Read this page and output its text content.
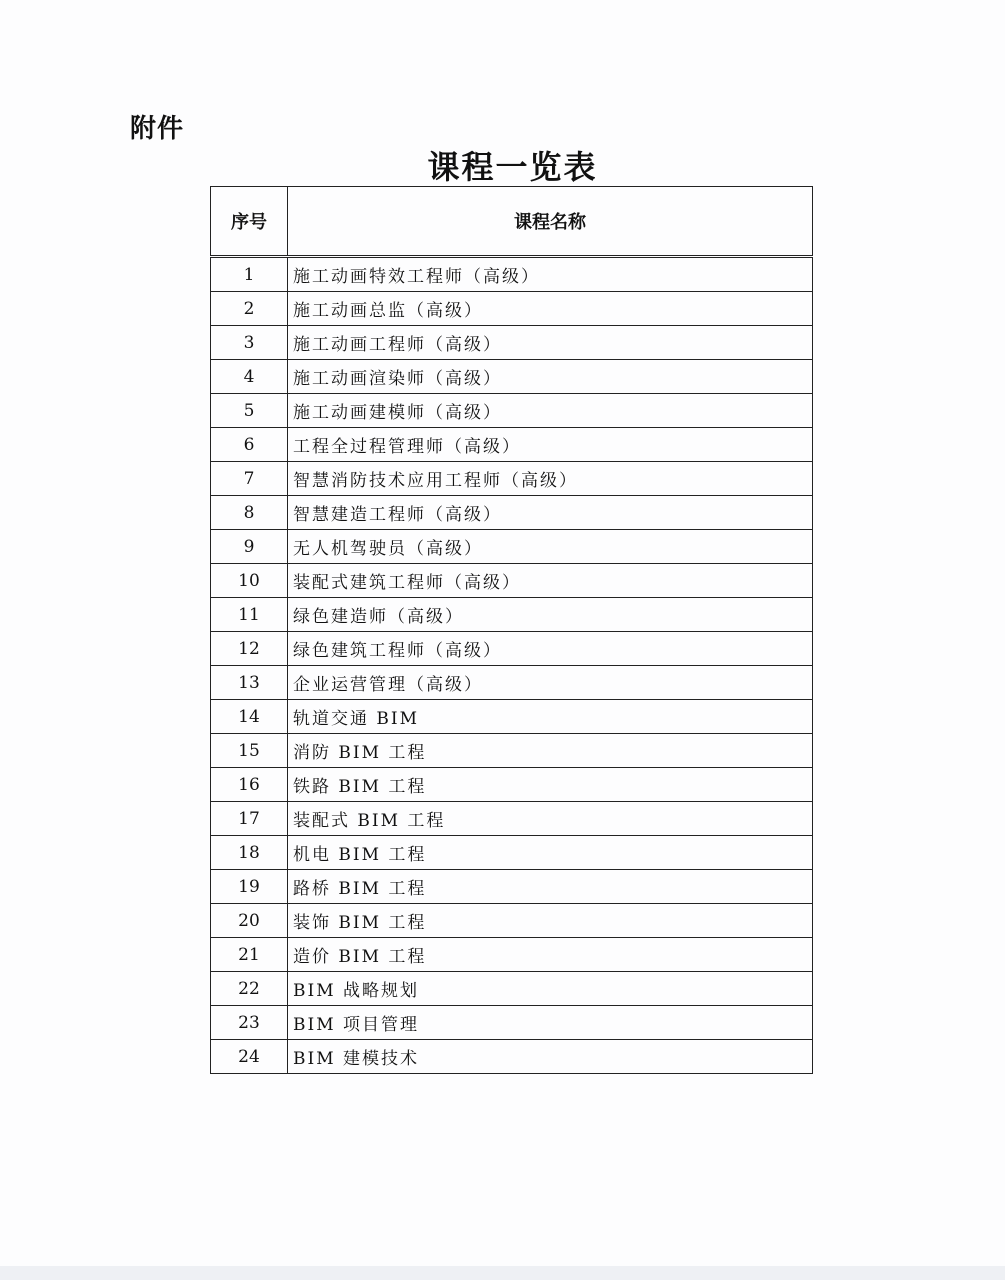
附件
课程一览表
序号	课程名称
1	施工动画特效工程师（高级）
2	施工动画总监（高级）
3	施工动画工程师（高级）
4	施工动画渲染师（高级）
5	施工动画建模师（高级）
6	工程全过程管理师（高级）
7	智慧消防技术应用工程师（高级）
8	智慧建造工程师（高级）
9	无人机驾驶员（高级）
10	装配式建筑工程师（高级）
11	绿色建造师（高级）
12	绿色建筑工程师（高级）
13	企业运营管理（高级）
14	轨道交通 BIM
15	消防 BIM 工程
16	铁路 BIM 工程
17	装配式 BIM 工程
18	机电 BIM 工程
19	路桥 BIM 工程
20	装饰 BIM 工程
21	造价 BIM 工程
22	BIM 战略规划
23	BIM 项目管理
24	BIM 建模技术
